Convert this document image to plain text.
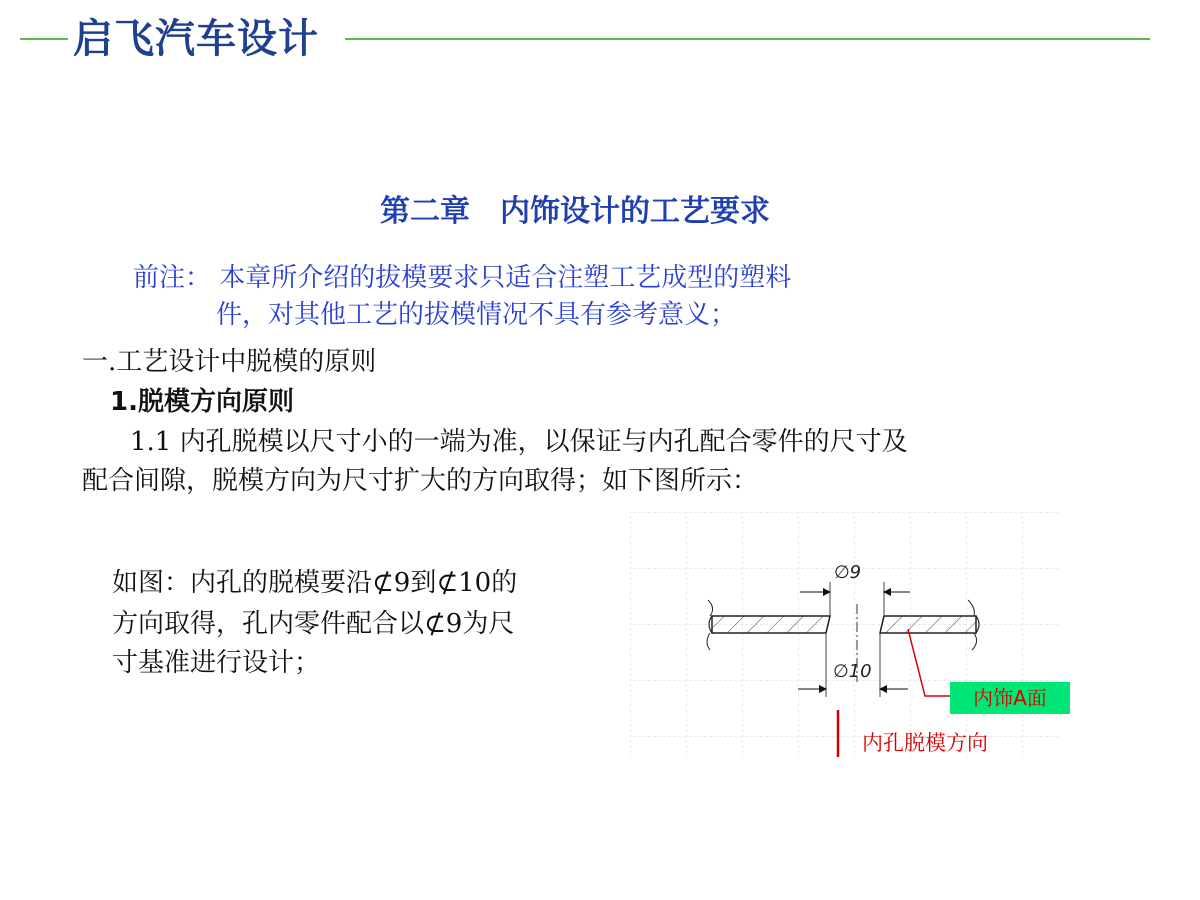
启飞汽车设计
第二章　内饰设计的工艺要求
前注： 本章所介绍的拔模要求只适合注塑工艺成型的塑料
件，对其他工艺的拔模情况不具有参考意义；
一.工艺设计中脱模的原则
1.脱模方向原则
1.1 内孔脱模以尺寸小的一端为准，以保证与内孔配合零件的尺寸及
配合间隙，脱模方向为尺寸扩大的方向取得；如下图所示：
如图：内孔的脱模要沿⊄9到⊄10的
方向取得，孔内零件配合以⊄9为尺
寸基准进行设计；
∅9
∅10
内饰A面
内孔脱模方向
